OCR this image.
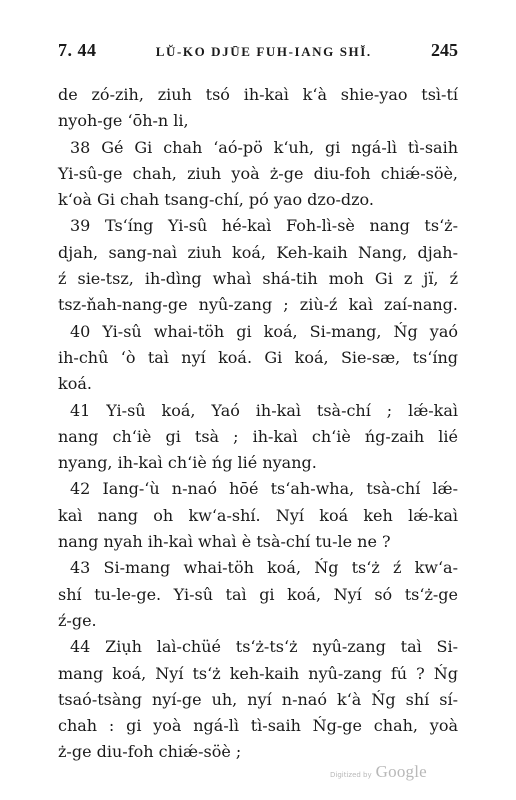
7. 44	LŬ-KO DJŪE FUH-IANG SHĬ.	245
de zó-zih, ziuh tsó ih-kaì k‘à shie-yao tsì-tí
nyoh-ge ‘ōh-n li,
38 Gé Gi chah ‘aó-pö k‘uh, gi ngá-lì tì-saih
Yi-sû-ge chah, ziuh yoà ż-ge diu-foh chiǽ-söè,
k‘oà Gi chah tsang-chí, pó yao dzo-dzo.
39 Ts‘íng Yi-sû hé-kaì Foh-lì-sè nang ts‘ż-
djah, sang-naì ziuh koá, Keh-kaih Nang, djah-
ź sie-tsz, ih-dìng whaì shá-tih moh Gi z jï, ź
tsz-ňah-nang-ge nyû-zang ; ziù-ź kaì zaí-nang.
40 Yi-sû whai-töh gi koá, Si-mang, Ńg yaó
ih-chû ‘ò taì nyí koá. Gi koá, Sie-sæ, ts‘íng
koá.
41 Yi-sû koá, Yaó ih-kaì tsà-chí ; lǽ-kaì
nang ch‘iè gi tsà ; ih-kaì ch‘iè ńg-zaih lié
nyang, ih-kaì ch‘iè ńg lié nyang.
42 Iang-‘ù n-naó hōé ts‘ah-wha, tsà-chí lǽ-
kaì nang oh kw‘a-shí. Nyí koá keh lǽ-kaì
nang nyah ih-kaì whaì è tsà-chí tu-le ne ?
43 Si-mang whai-töh koá, Ńg ts‘ż ź kw‘a-
shí tu-le-ge. Yi-sû taì gi koá, Nyí só ts‘ż-ge
ź-ge.
44 Ziụh laì-chüé ts‘ż-ts‘ż nyû-zang taì Si-
mang koá, Nyí ts‘ż keh-kaih nyû-zang fú ? Ńg
tsaó-tsàng nyí-ge uh, nyí n-naó k‘à Ńg shí sí-
chah : gi yoà ngá-lì tì-saih Ńg-ge chah, yoà
ż-ge diu-foh chiǽ-söè ;
Digitized by Google
